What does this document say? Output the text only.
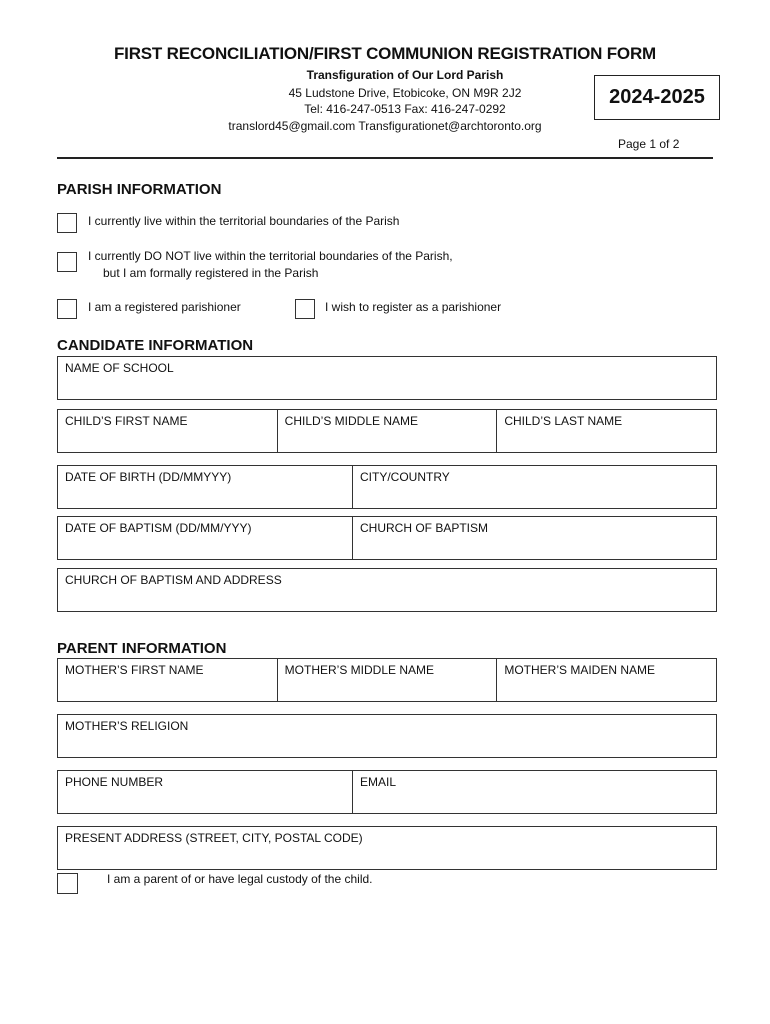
FIRST RECONCILIATION/FIRST COMMUNION REGISTRATION FORM
Transfiguration of Our Lord Parish
45 Ludstone Drive, Etobicoke, ON M9R 2J2
Tel: 416-247-0513 Fax: 416-247-0292
translord45@gmail.com Transfigurationet@archtoronto.org
2024-2025
Page 1 of 2
PARISH INFORMATION
I currently live within the territorial boundaries of the Parish
I currently DO NOT live within the territorial boundaries of the Parish,
but I am formally registered in the Parish
I am a registered parishioner	I wish to register as a parishioner
CANDIDATE INFORMATION
NAME OF SCHOOL
CHILD’S FIRST NAME	CHILD’S MIDDLE NAME	CHILD’S LAST NAME
DATE OF BIRTH (DD/MMYYY)	CITY/COUNTRY
DATE OF BAPTISM (DD/MM/YYY)	CHURCH OF BAPTISM
CHURCH OF BAPTISM AND ADDRESS
PARENT INFORMATION
MOTHER’S FIRST NAME	MOTHER’S MIDDLE NAME	MOTHER’S MAIDEN NAME
MOTHER’S RELIGION
PHONE NUMBER	EMAIL
PRESENT ADDRESS (STREET, CITY, POSTAL CODE)
I am a parent of or have legal custody of the child.
